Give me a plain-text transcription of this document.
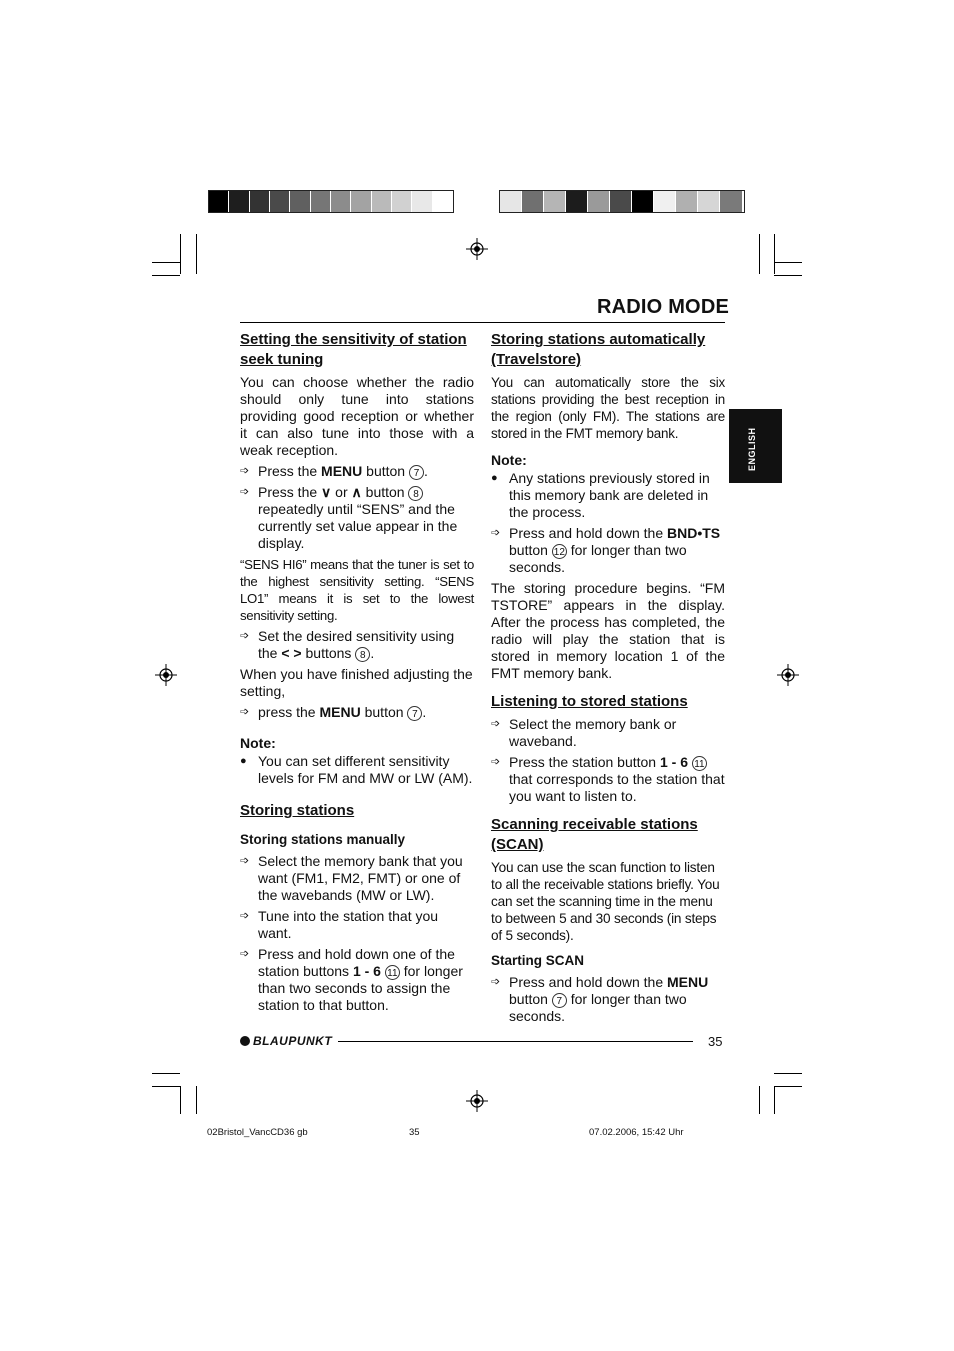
RADIO MODE
ENGLISH
Setting the sensitivity of station seek tuning

You can choose whether the radio should only tune into stations providing good reception or whether it can also tune into those with a weak reception.

➩ Press the MENU button 7 .
➩ Press the ∨ or ∧ button 8 repeatedly until “SENS” and the currently set value appear in the display.

“SENS HI6” means that the tuner is set to the highest sensitivity setting. “SENS LO1” means it is set to the lowest sensitivity setting.

➩ Set the desired sensitivity using the < > buttons 8 .

When you have finished adjusting the setting,

➩ press the MENU button 7 .
Note:
● You can set different sensitivity levels for FM and MW or LW (AM).
Storing stations
Storing stations manually
➩ Select the memory bank that you want (FM1, FM2, FMT) or one of the wavebands (MW or LW).
➩ Tune into the station that you want.
➩ Press and hold down one of the station buttons 1 - 6 11 for longer than two seconds to assign the station to that button.
Storing stations automatically (Travelstore)

You can automatically store the six stations providing the best reception in the region (only FM). The stations are stored in the FMT memory bank.

Note:
● Any stations previously stored in this memory bank are deleted in the process.
➩ Press and hold down the BND•TS button 12 for longer than two seconds.

The storing procedure begins. “FM TSTORE” appears in the display. After the process has completed, the radio will play the station that is stored in memory location 1 of the FMT memory bank.

Listening to stored stations
➩ Select the memory bank or waveband.
➩ Press the station button 1 - 6 11 that corresponds to the station that you want to listen to.
Scanning receivable stations (SCAN)

You can use the scan function to listen to all the receivable stations briefly. You can set the scanning time in the menu to between 5 and 30 seconds (in steps of 5 seconds).

Starting SCAN
➩ Press and hold down the MENU button 7 for longer than two seconds.
BLAUPUNKT	35
02Bristol_VancCD36 gb	35	07.02.2006, 15:42 Uhr
